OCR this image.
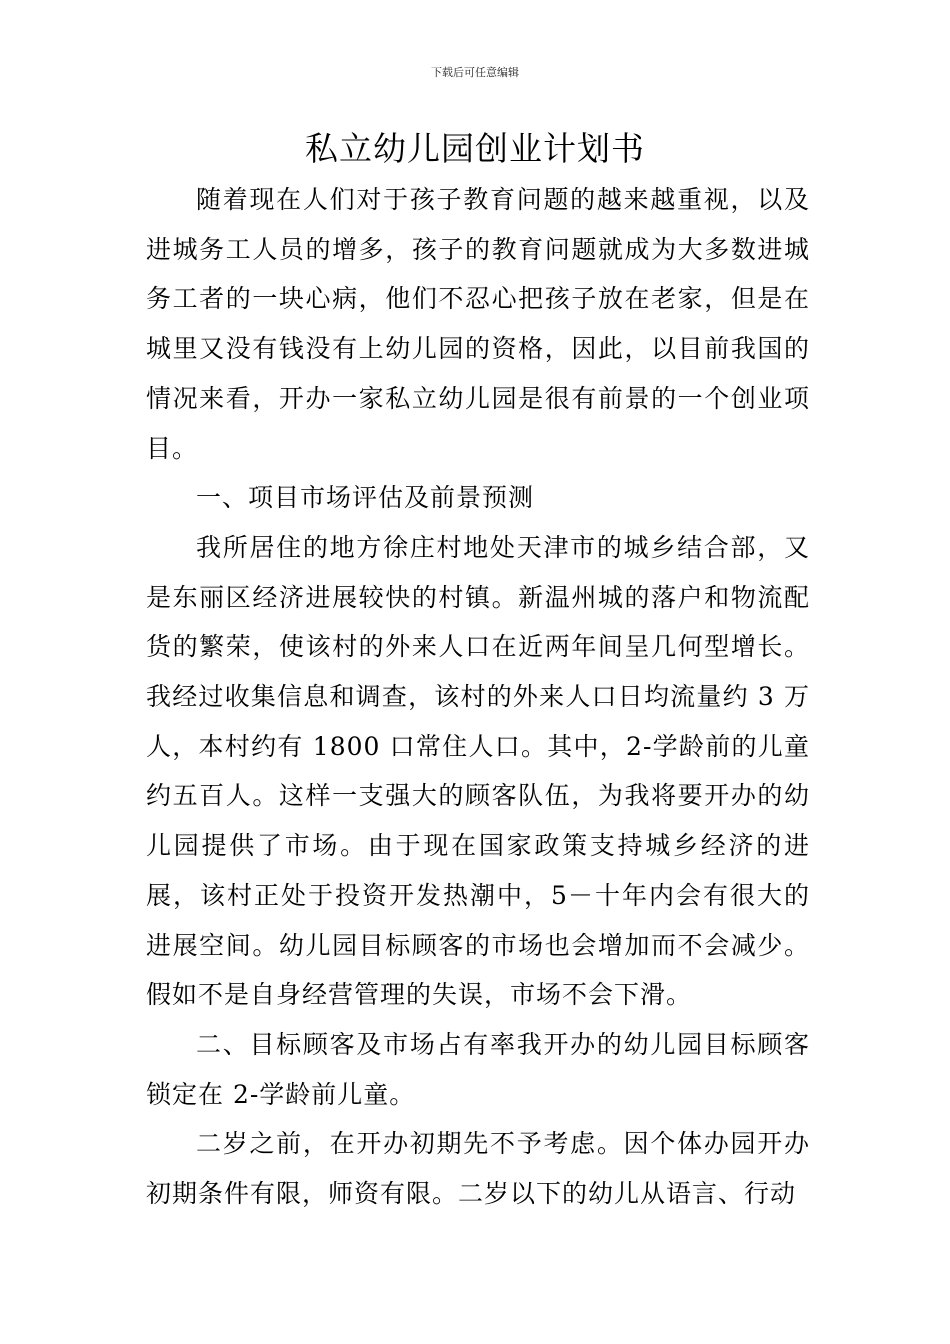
下载后可任意编辑
私立幼儿园创业计划书

随着现在人们对于孩子教育问题的越来越重视，以及进城务工人员的增多，孩子的教育问题就成为大多数进城务工者的一块心病，他们不忍心把孩子放在老家，但是在城里又没有钱没有上幼儿园的资格，因此，以目前我国的情况来看，开办一家私立幼儿园是很有前景的一个创业项目。

一、项目市场评估及前景预测

我所居住的地方徐庄村地处天津市的城乡结合部，又是东丽区经济进展较快的村镇。新温州城的落户和物流配货的繁荣，使该村的外来人口在近两年间呈几何型增长。我经过收集信息和调查，该村的外来人口日均流量约 3 万人，本村约有 1800 口常住人口。其中，2-学龄前的儿童约五百人。这样一支强大的顾客队伍，为我将要开办的幼儿园提供了市场。由于现在国家政策支持城乡经济的进展，该村正处于投资开发热潮中，5－十年内会有很大的进展空间。幼儿园目标顾客的市场也会增加而不会减少。假如不是自身经营管理的失误，市场不会下滑。

二、目标顾客及市场占有率我开办的幼儿园目标顾客锁定在 2-学龄前儿童。

二岁之前，在开办初期先不予考虑。因个体办园开办初期条件有限，师资有限。二岁以下的幼儿从语言、行动
